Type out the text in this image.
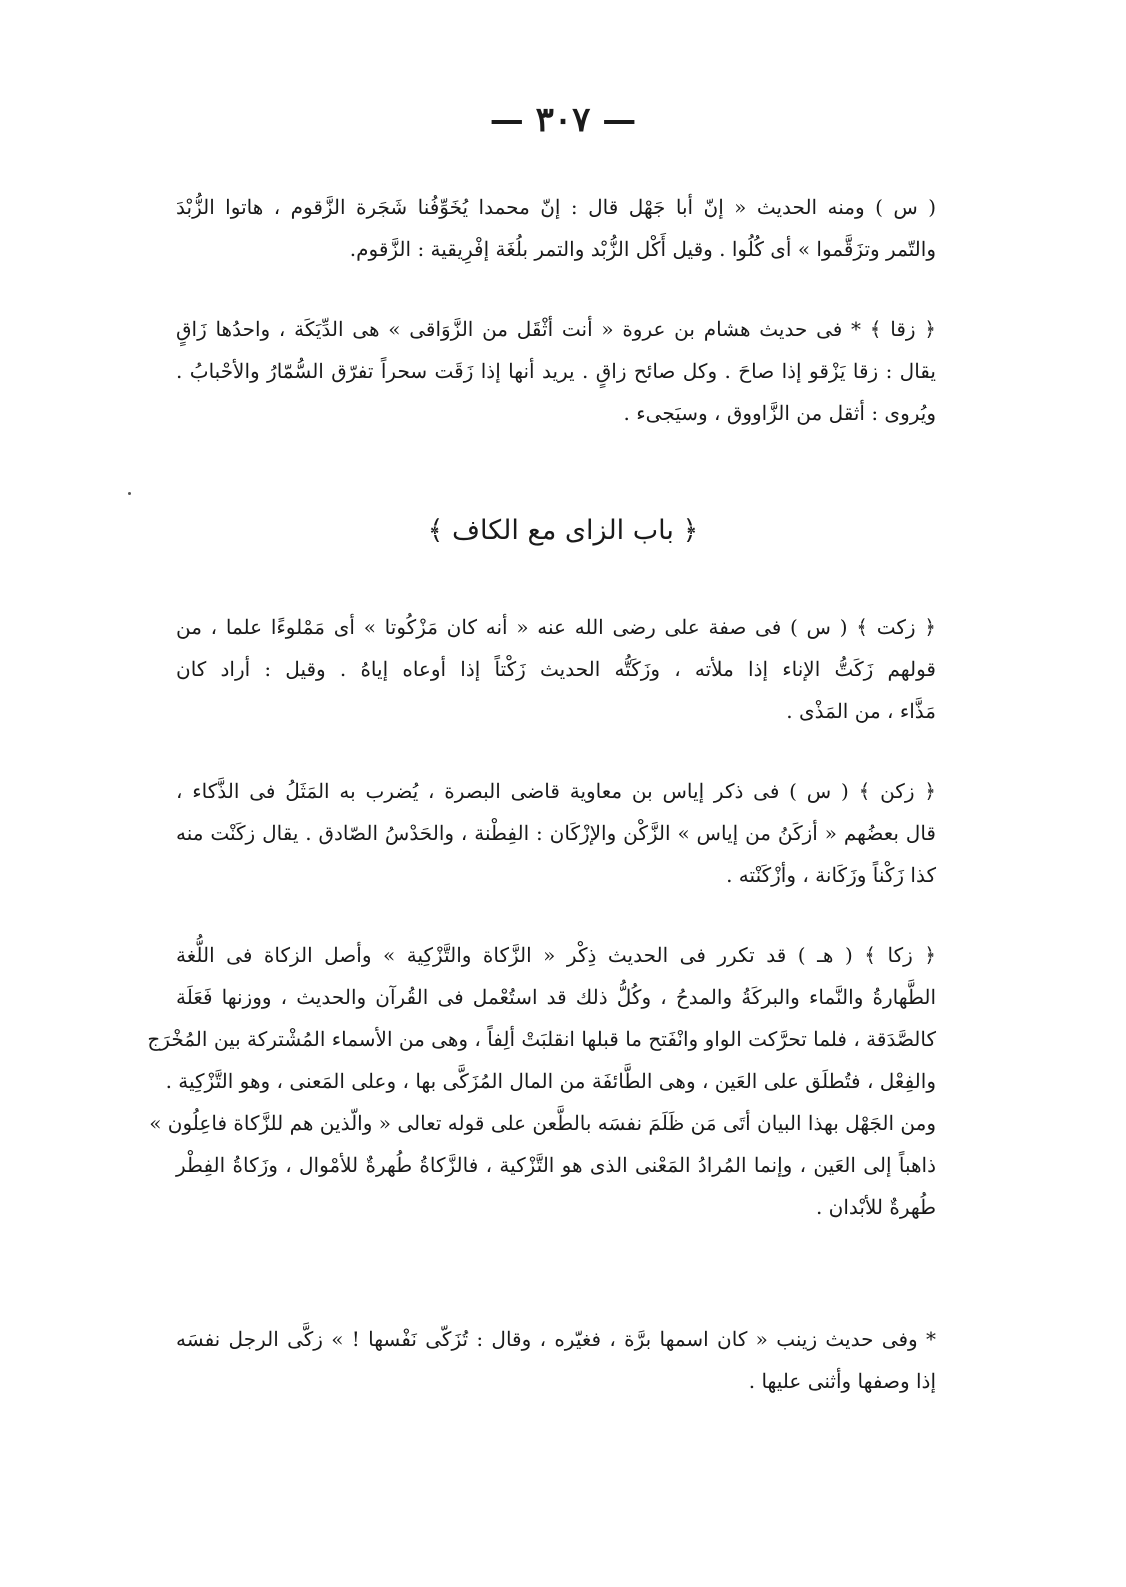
— ٣٠٧ —
( س ) ومنه الحديث « إنّ أبا جَهْل قال : إنّ محمدا يُخَوِّفُنا شَجَرة الزَّقوم ، هاتوا الزُّبْدَ
والتّمر وتزَقَّموا » أى كُلُوا . وقيل أَكْل الزُّبْد والتمر بلُغَة إفْرِيقية : الزَّقوم.
﴿ زقا ﴾ * فى حديث هشام بن عروة « أنت أثْقَل من الزَّوَاقى » هى الدِّيَكَة ، واحدُها زَاقٍ
يقال : زقا يَزْقو إذا صاحَ . وكل صائح زاقٍ . يريد أنها إذا زَقَت سحراً تفرّق السُّمّارُ والأحْبابُ .
ويُروى : أثقل من الزَّاووق ، وسيَجىء .
﴿ باب الزاى مع الكاف ﴾
﴿ زكت ﴾ ( س ) فى صفة على رضى الله عنه « أنه كان مَزْكُوتا » أى مَمْلوءًا علما ، من
قولهم زَكَتُّ الإناء إذا ملأته ، وزَكَتُّه الحديث زَكْتاً إذا أوعاه إياهُ . وقيل : أراد كان
مَذَّاء ، من المَذْى .
﴿ زكن ﴾ ( س ) فى ذكر إياس بن معاوية قاضى البصرة ، يُضرب به المَثَلُ فى الذَّكاء ،
قال بعضُهم « أزكَنُ من إياس » الزَّكْن والإزْكَان : الفِطْنة ، والحَدْسُ الصّادق . يقال زكَنْت منه
كذا زَكْناً وزَكَانة ، وأزْكَنْته .
﴿ زكا ﴾ ( هـ ) قد تكرر فى الحديث ذِكْر « الزَّكاة والتَّزْكِية » وأصل الزكاة فى اللُّغة
الطَّهارةُ والنَّماء والبركَةُ والمدحُ ، وكُلُّ ذلك قد استُعْمل فى القُرآن والحديث ، ووزنها فَعَلَة
كالصَّدَقة ، فلما تحرَّكت الواو وانْفَتح ما قبلها انقلبَتْ ألِفاً ، وهى من الأسماء المُشْتركة بين المُخْرَج
والفِعْل ، فتُطلَق على العَين ، وهى الطَّائفَة من المال المُزَكَّى بها ، وعلى المَعنى ، وهو التَّزْكِية .
ومن الجَهْل بهذا البيان أتَى مَن ظَلَمَ نفسَه بالطَّعن على قوله تعالى « والّذين هم للزَّكاة فاعِلُون »
ذاهباً إلى العَين ، وإنما المُرادُ المَعْنى الذى هو التَّزْكية ، فالزَّكاةُ طُهرةٌ للأمْوال ، وزَكاةُ الفِطْر
طُهرةٌ للأبْدان .
* وفى حديث زينب « كان اسمها برَّة ، فغيّره ، وقال : تُزَكّى نَفْسها ! » زكَّى الرجل نفسَه
إذا وصفها وأثنى عليها .
